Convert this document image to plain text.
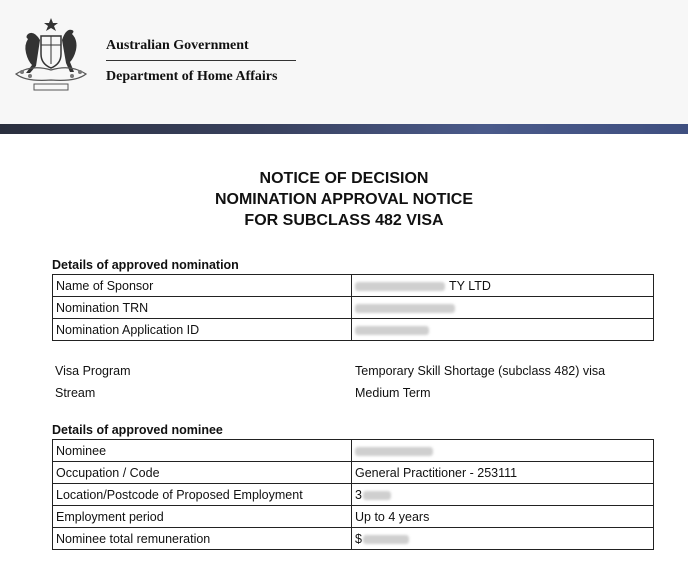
Australian Government
Department of Home Affairs
NOTICE OF DECISION
NOMINATION APPROVAL NOTICE
FOR SUBCLASS 482 VISA
Details of approved nomination
Name of Sponsor	TY LTD
Nomination TRN	
Nomination Application ID	
Visa Program	Temporary Skill Shortage (subclass 482) visa
Stream	Medium Term
Details of approved nominee
Nominee	
Occupation / Code	General Practitioner - 253111
Location/Postcode of Proposed Employment	3
Employment period	Up to 4 years
Nominee total remuneration	$
